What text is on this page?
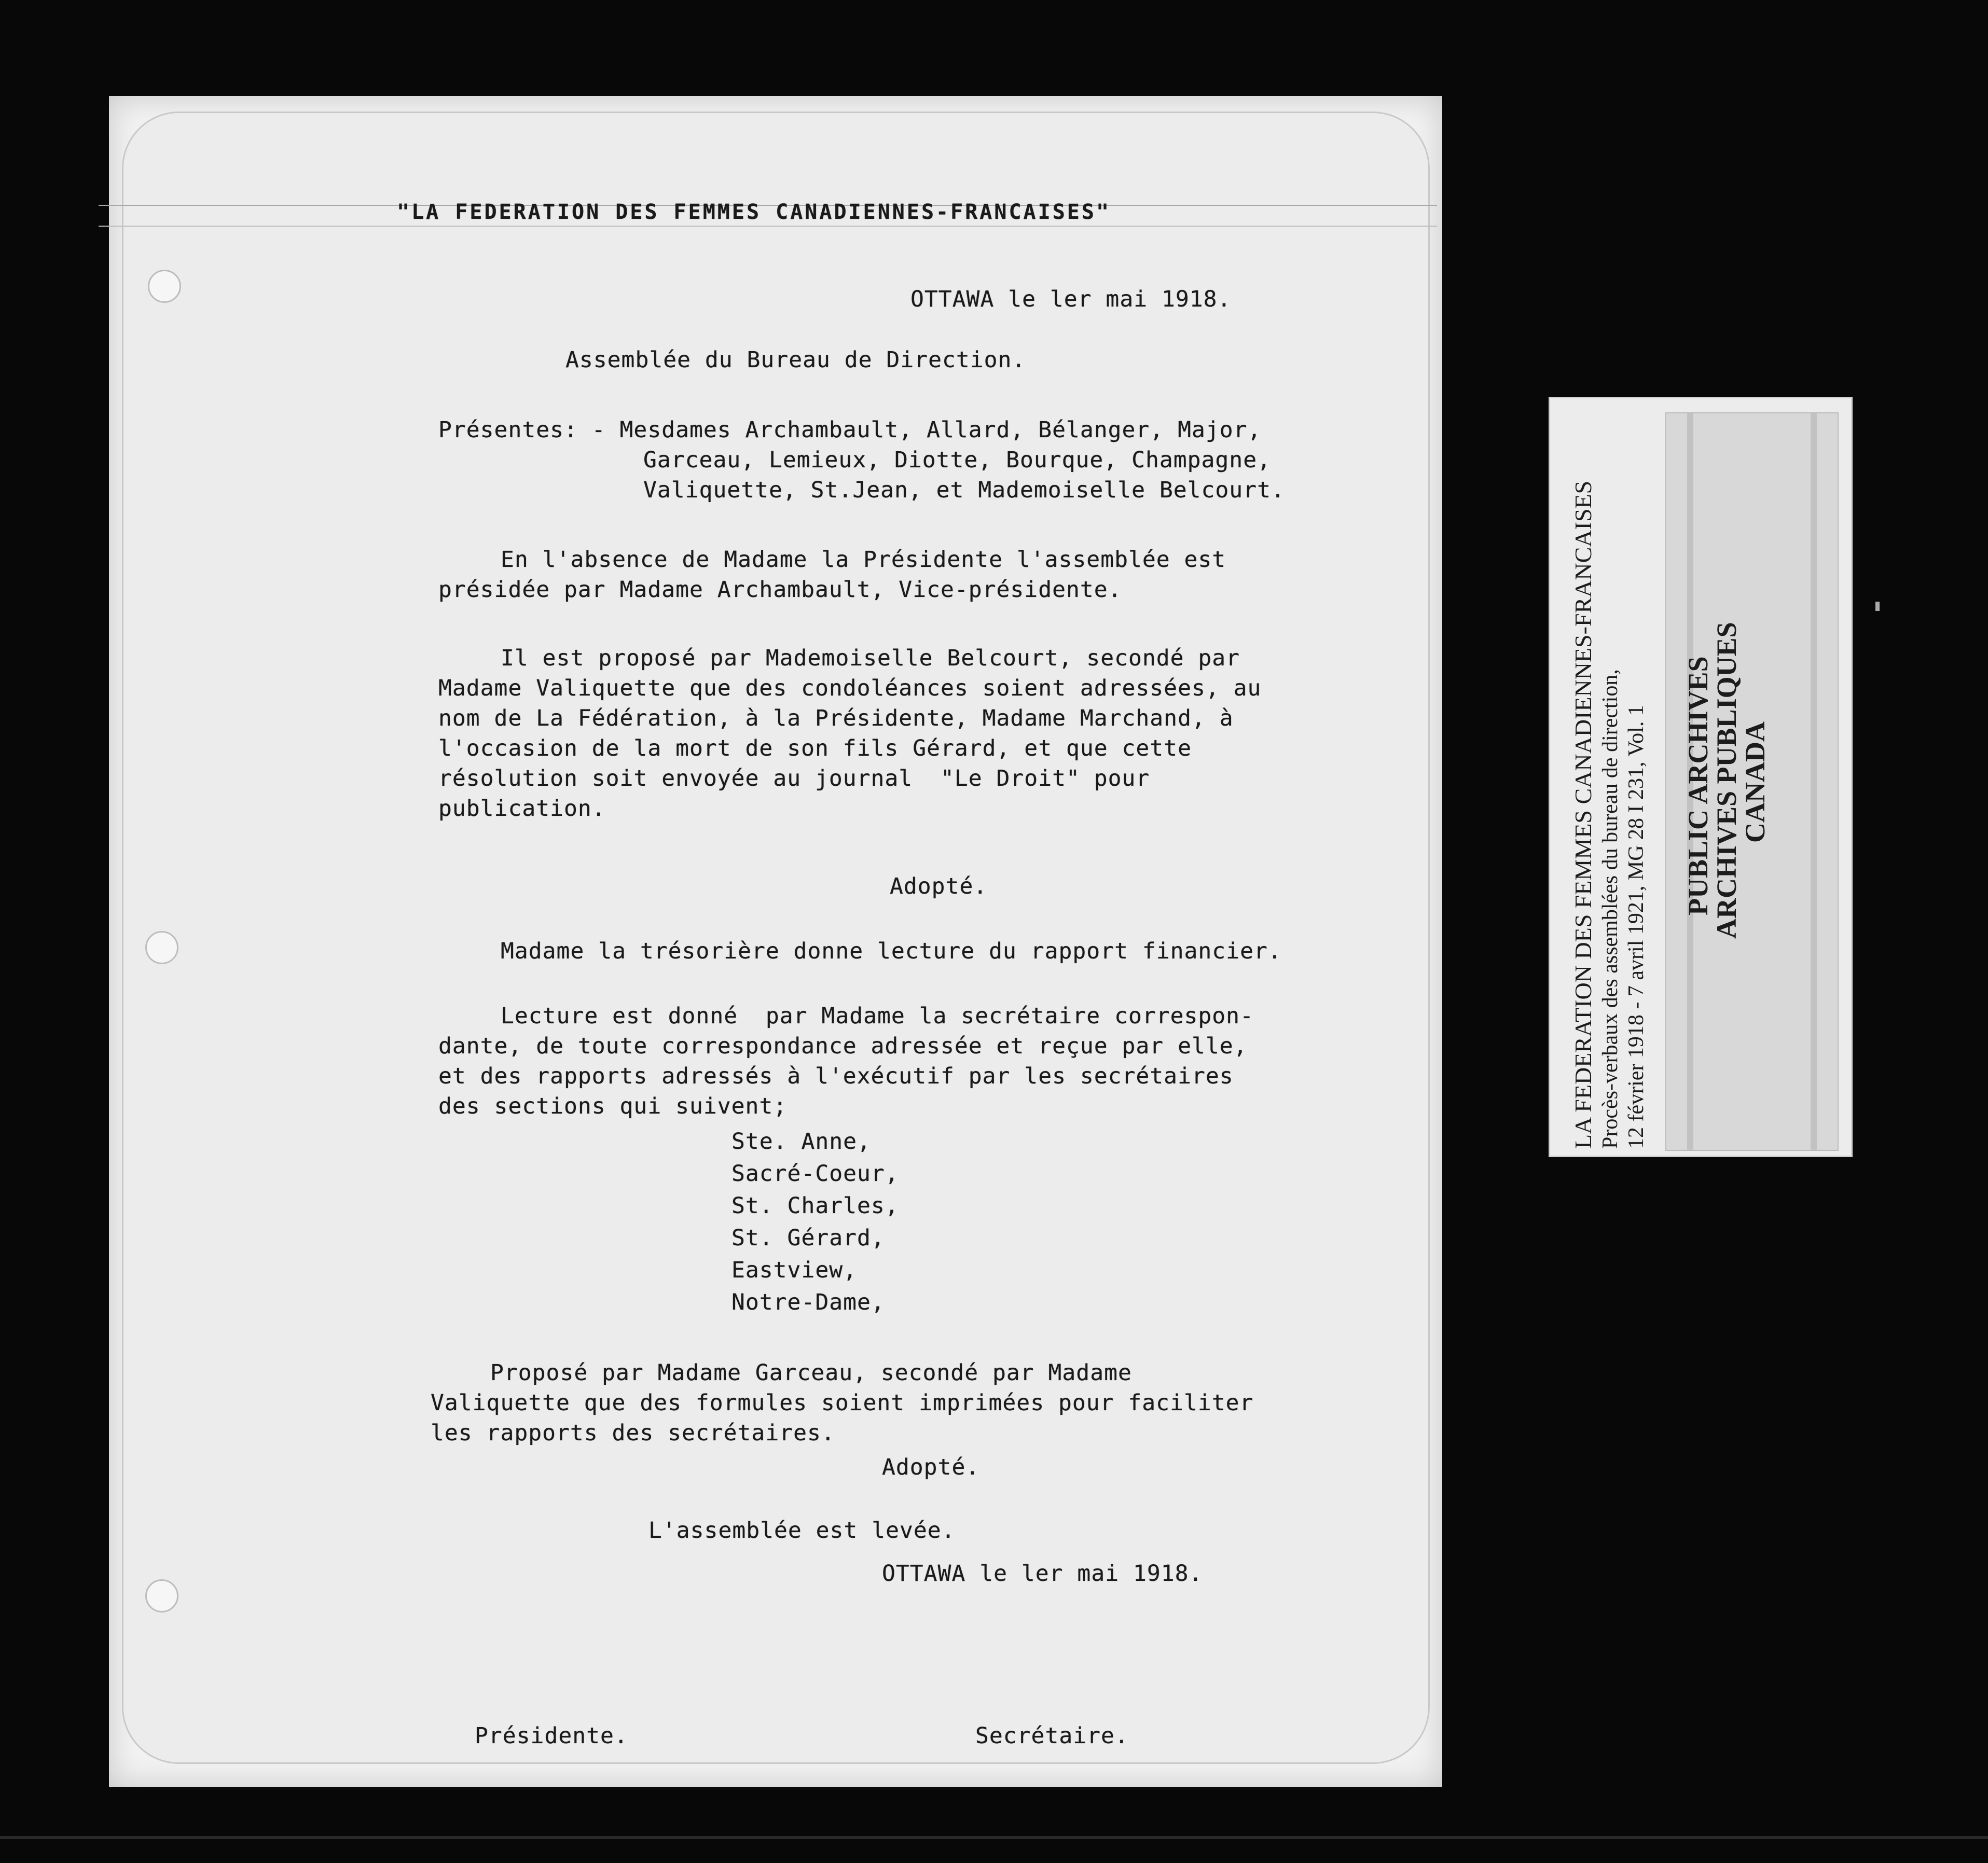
"LA FEDERATION DES FEMMES CANADIENNES-FRANCAISES"
OTTAWA le ler mai 1918.
Assemblée du Bureau de Direction.
Présentes: - Mesdames Archambault, Allard, Bélanger, Major,
Garceau, Lemieux, Diotte, Bourque, Champagne,
Valiquette, St.Jean, et Mademoiselle Belcourt.
En l'absence de Madame la Présidente l'assemblée est
présidée par Madame Archambault, Vice-présidente.
Il est proposé par Mademoiselle Belcourt, secondé par
Madame Valiquette que des condoléances soient adressées, au
nom de La Fédération, à la Présidente, Madame Marchand, à
l'occasion de la mort de son fils Gérard, et que cette
résolution soit envoyée au journal  "Le Droit" pour
publication.
Adopté.
Madame la trésorière donne lecture du rapport financier.
Lecture est donné  par Madame la secrétaire correspon-
dante, de toute correspondance adressée et reçue par elle,
et des rapports adressés à l'exécutif par les secrétaires
des sections qui suivent;
Ste. Anne,
Sacré-Coeur,
St. Charles,
St. Gérard,
Eastview,
Notre-Dame,
Proposé par Madame Garceau, secondé par Madame
Valiquette que des formules soient imprimées pour faciliter
les rapports des secrétaires.
Adopté.
L'assemblée est levée.
OTTAWA le ler mai 1918.
Présidente.	Secrétaire.
LA FEDERATION DES FEMMES CANADIENNES-FRANCAISES Procès-verbaux des assemblées du bureau de direction, 12 février 1918 - 7 avril 1921, MG 28 I 231, Vol. 1 PUBLIC ARCHIVES
ARCHIVES PUBLIQUES
CANADA
